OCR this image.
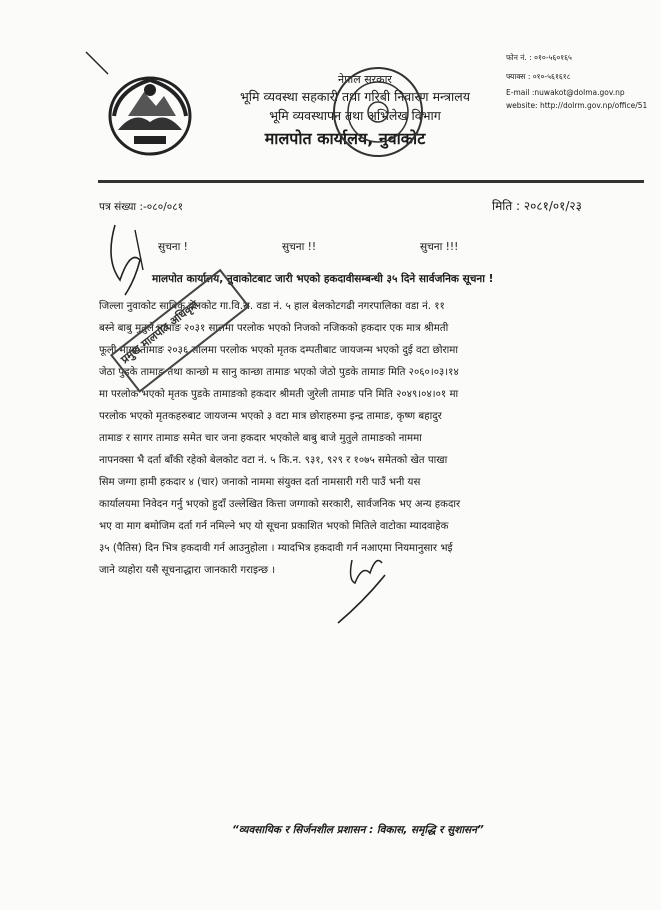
नेपाल सरकार
भूमि व्यवस्था सहकारी तथा गरिबी निवारण मन्त्रालय
भूमि व्यवस्थापन तथा अभिलेख विभाग
मालपोत कार्यालय, नुवाकोट
फोन नं. : ०१०-५६०१६५
फ्याक्स : ०१०-५६१६१८
E-mail :nuwakot@dolma.gov.np
website: http://dolrm.gov.np/office/51
पत्र संख्या :-०८०/०८१	मिति : २०८१/०१/२३
सुचना !	सुचना !!	सुचना !!!
मालपोत कार्यालय, नुवाकोटबाट जारी भएको हकदावीसम्बन्धी ३५ दिने सार्वजनिक सूचना !
जिल्ला नुवाकोट साविक बेलकोट गा.वि.स. वडा नं. ५ हाल बेलकोटगढी नगरपालिका वडा नं. ११
बस्ने बाबु मुतुले तामाङ २०३१ सालमा परलोक भएको निजको नजिकको हकदार एक मात्र श्रीमती
फूली माया तामाङ २०३६ सालमा परलोक भएको मृतक दम्पतीबाट जायजन्म भएको दुई वटा छोरामा
जेठा पुडके तामाङ तथा कान्छो म सानु कान्छा तामाङ भएको जेठो पुडके तामाङ मिति २०६०।०३।१४
मा परलोक भएको मृतक पुडके तामाङको हकदार श्रीमती जुरेली तामाङ पनि मिति २०४९।०४।०१ मा
परलोक भएको मृतकहरुबाट जायजन्म भएको ३ वटा मात्र छोराहरुमा इन्द्र तामाङ, कृष्ण बहादुर
तामाङ र सागर तामाङ समेत चार जना हकदार भएकोले बाबु बाजे मुतुले तामाङको नाममा
नापनक्सा भै दर्ता बाँकी रहेको बेलकोट वटा नं. ५ कि.न. ९३१, ९२९ र १०७५ समेतको खेत पाखा
सिम जग्गा हामी हकदार ४ (चार) जनाको नाममा संयुक्त दर्ता नामसारी गरी पाउँ भनी यस
कार्यालयमा निवेदन गर्नु भएको हुदाँ उल्लेखित कित्ता जग्गाको सरकारी, सार्वजनिक भए अन्य हकदार
भए वा माग बमोजिम दर्ता गर्न नमिल्ने भए यो सूचना प्रकाशित भएको मितिले वाटोका म्यादवाहेक
३५ (पैतिस) दिन भित्र हकदावी गर्न आउनुहोला । म्यादभित्र हकदावी गर्न नआएमा नियमानुसार भई
जाने व्यहोरा यसै सूचनाद्धारा जानकारी गराइन्छ ।
प्रमुख मालपोत अधिकृत
“व्यवसायिक र सिर्जनशील प्रशासन : विकास, समृद्धि र सुशासन”
